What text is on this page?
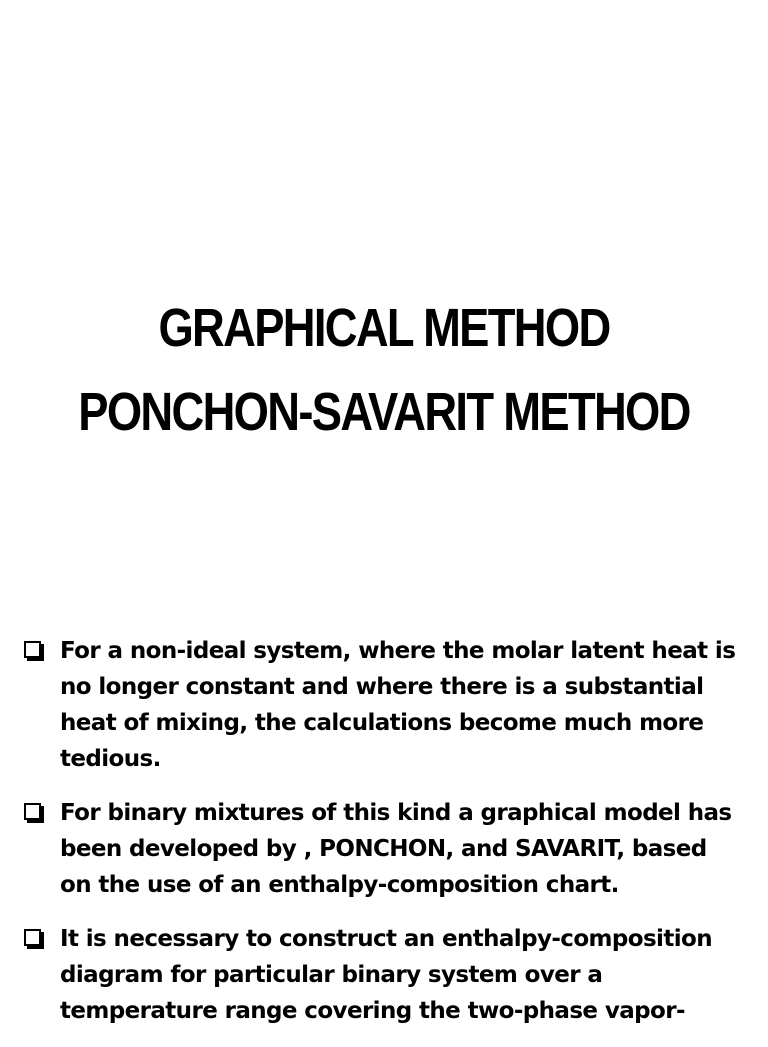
GRAPHICAL METHOD
PONCHON-SAVARIT METHOD
For a non-ideal system, where the molar latent heat is no longer constant and where there is a substantial heat of mixing, the calculations become much more tedious.
For binary mixtures of this kind a graphical model has been developed by , PONCHON, and SAVARIT, based on the use of an enthalpy-composition chart.
It is necessary to construct an enthalpy-composition diagram for particular binary system over a temperature range covering the two-phase vapor-
